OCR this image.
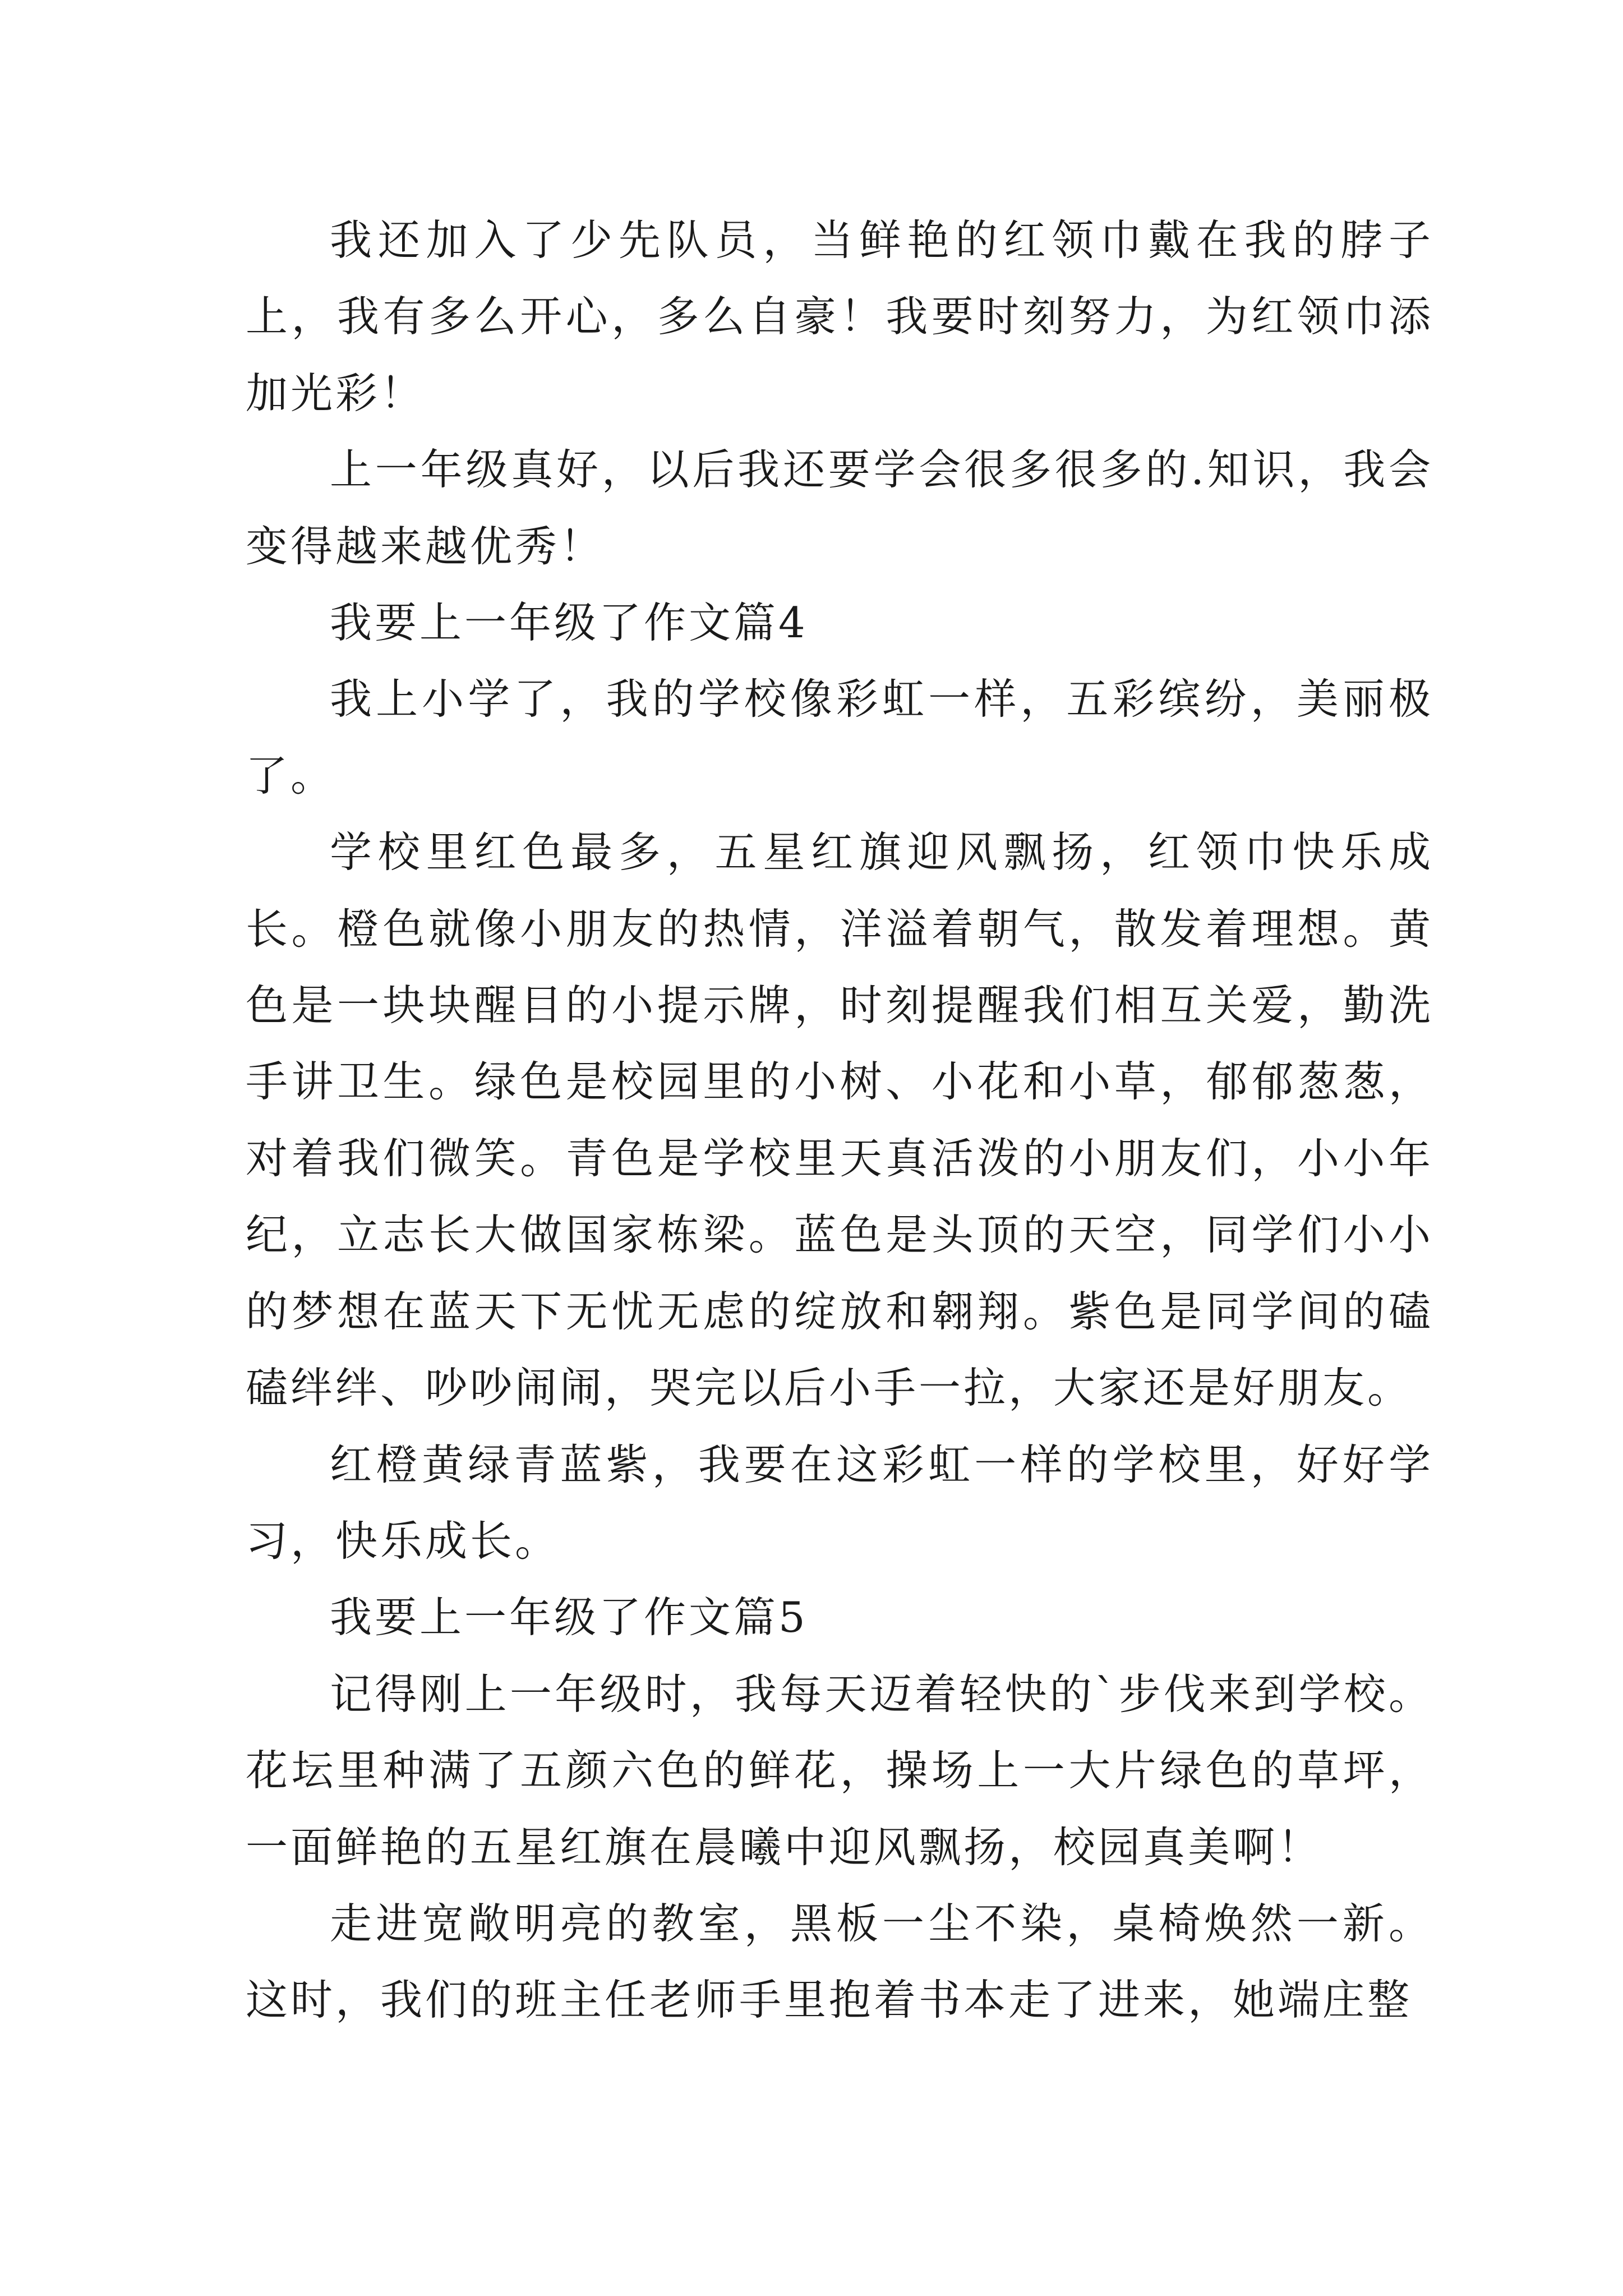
我还加入了少先队员，当鲜艳的红领巾戴在我的脖子上，我有多么开心，多么自豪！我要时刻努力，为红领巾添加光彩！

上一年级真好，以后我还要学会很多很多的.知识，我会变得越来越优秀！

我要上一年级了作文篇4

我上小学了，我的学校像彩虹一样，五彩缤纷，美丽极了。

学校里红色最多，五星红旗迎风飘扬，红领巾快乐成长。橙色就像小朋友的热情，洋溢着朝气，散发着理想。黄色是一块块醒目的小提示牌，时刻提醒我们相互关爱，勤洗手讲卫生。绿色是校园里的小树、小花和小草，郁郁葱葱，对着我们微笑。青色是学校里天真活泼的小朋友们，小小年纪，立志长大做国家栋梁。蓝色是头顶的天空，同学们小小的梦想在蓝天下无忧无虑的绽放和翱翔。紫色是同学间的磕磕绊绊、吵吵闹闹，哭完以后小手一拉，大家还是好朋友。

红橙黄绿青蓝紫，我要在这彩虹一样的学校里，好好学习，快乐成长。

我要上一年级了作文篇5

记得刚上一年级时，我每天迈着轻快的`步伐来到学校。花坛里种满了五颜六色的鲜花，操场上一大片绿色的草坪，一面鲜艳的五星红旗在晨曦中迎风飘扬，校园真美啊！

走进宽敞明亮的教室，黑板一尘不染，桌椅焕然一新。这时，我们的班主任老师手里抱着书本走了进来，她端庄整
